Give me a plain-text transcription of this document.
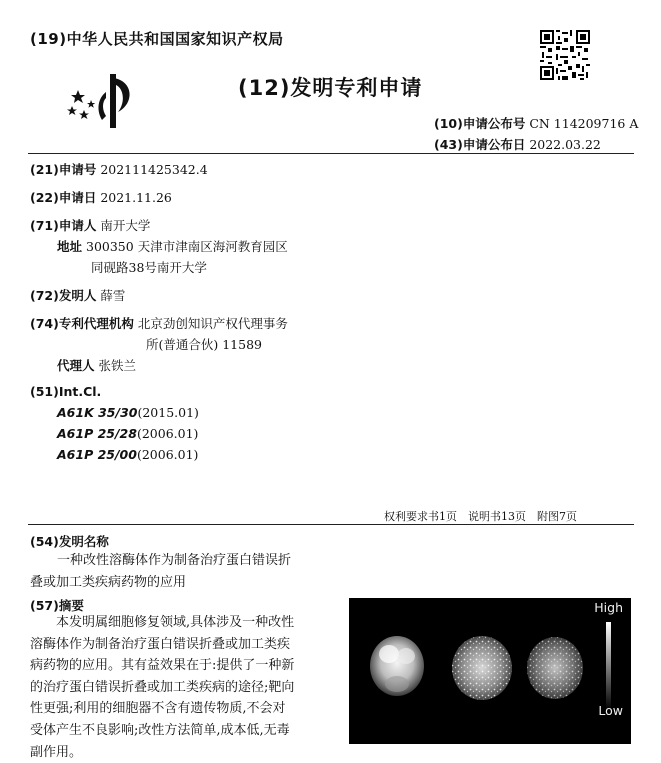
(19)中华人民共和国国家知识产权局
(12)发明专利申请
(10)申请公布号 CN 114209716 A
(43)申请公布日 2022.03.22
(21)申请号 202111425342.4
(22)申请日 2021.11.26
(71)申请人 南开大学
地址 300350 天津市津南区海河教育园区
同砚路38号南开大学
(72)发明人 薛雪
(74)专利代理机构 北京劲创知识产权代理事务
所(普通合伙) 11589
代理人 张铁兰
(51)Int.Cl.
A61K 35/30(2015.01)
A61P 25/28(2006.01)
A61P 25/00(2006.01)
权利要求书1页　说明书13页　附图7页
(54)发明名称
一种改性溶酶体作为制备治疗蛋白错误折
叠或加工类疾病药物的应用
(57)摘要
本发明属细胞修复领域,具体涉及一种改性
溶酶体作为制备治疗蛋白错误折叠或加工类疾
病药物的应用。其有益效果在于:提供了一种新
的治疗蛋白错误折叠或加工类疾病的途径;靶向
性更强;利用的细胞器不含有遗传物质,不会对
受体产生不良影响;改性方法简单,成本低,无毒
副作用。
High
Low
